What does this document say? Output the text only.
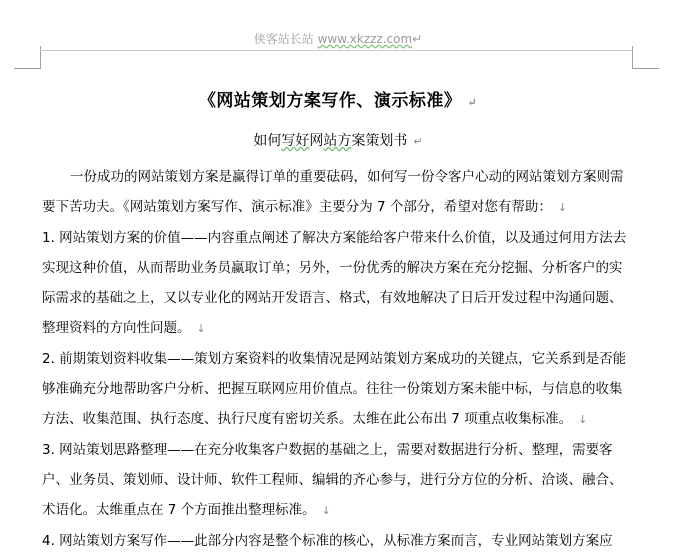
侠客站长站 www.xkzzz.com↵
《网站策划方案写作、演示标准》 ↵
如何写好网站方案策划书 ↵

一份成功的网站策划方案是赢得订单的重要砝码，如何写一份令客户心动的网站策划方案则需要下苦功夫。《网站策划方案写作、演示标准》主要分为 7 个部分，希望对您有帮助： ↓

1. 网站策划方案的价值——内容重点阐述了解决方案能给客户带来什么价值，以及通过何用方法去实现这种价值，从而帮助业务员赢取订单；另外，一份优秀的解决方案在充分挖掘、分析客户的实际需求的基础之上，又以专业化的网站开发语言、格式，有效地解决了日后开发过程中沟通问题、整理资料的方向性问题。 ↓

2. 前期策划资料收集——策划方案资料的收集情况是网站策划方案成功的关键点，它关系到是否能够准确充分地帮助客户分析、把握互联网应用价值点。往往一份策划方案未能中标，与信息的收集方法、收集范围、执行态度、执行尺度有密切关系。太维在此公布出 7 项重点收集标准。 ↓

3. 网站策划思路整理——在充分收集客户数据的基础之上，需要对数据进行分析、整理，需要客户、业务员、策划师、设计师、软件工程师、编辑的齐心参与，进行分方位的分析、洽谈、融合、术语化。太维重点在 7 个方面推出整理标准。 ↓

4. 网站策划方案写作——此部分内容是整个标准的核心，从标准方案而言，专业网站策划方案应
